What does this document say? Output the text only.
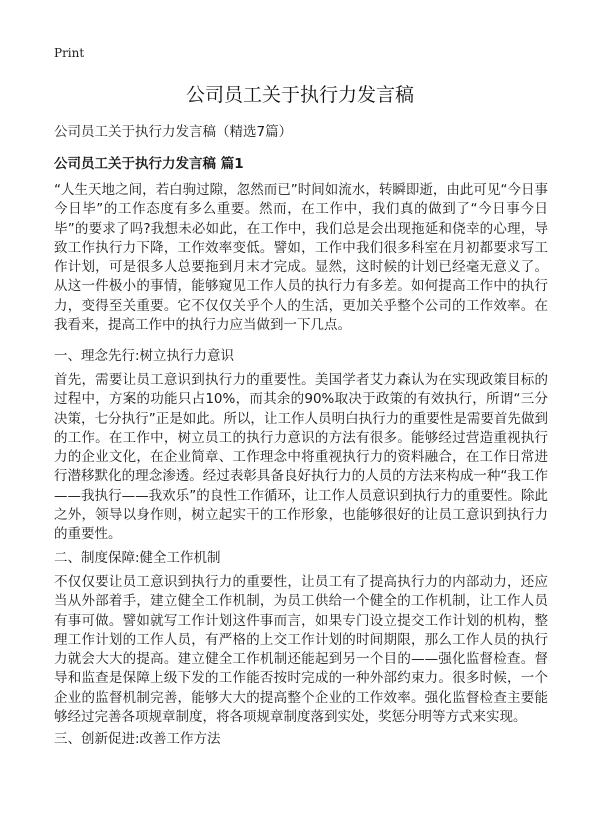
Print
公司员工关于执行力发言稿

公司员工关于执行力发言稿（精选7篇）

公司员工关于执行力发言稿 篇1

“人生天地之间，若白驹过隙，忽然而已”时间如流水，转瞬即逝，由此可见“今日事今日毕”的工作态度有多么重要。然而，在工作中，我们真的做到了“今日事今日毕”的要求了吗?我想未必如此，在工作中，我们总是会出现拖延和侥幸的心理，导致工作执行力下降，工作效率变低。譬如，工作中我们很多科室在月初都要求写工作计划，可是很多人总要拖到月末才完成。显然，这时候的计划已经毫无意义了。从这一件极小的事情，能够窥见工作人员的执行力有多差。如何提高工作中的执行力，变得至关重要。它不仅仅关乎个人的生活，更加关乎整个公司的工作效率。在我看来，提高工作中的执行力应当做到一下几点。

一、理念先行:树立执行力意识

首先，需要让员工意识到执行力的重要性。美国学者艾力森认为在实现政策目标的过程中，方案的功能只占10%，而其余的90%取决于政策的有效执行，所谓“三分决策，七分执行”正是如此。所以，让工作人员明白执行力的重要性是需要首先做到的工作。在工作中，树立员工的执行力意识的方法有很多。能够经过营造重视执行力的企业文化，在企业简章、工作理念中将重视执行力的资料融合，在工作日常进行潜移默化的理念渗透。经过表彰具备良好执行力的人员的方法来构成一种“我工作——我执行——我欢乐”的良性工作循环，让工作人员意识到执行力的重要性。除此之外，领导以身作则，树立起实干的工作形象，也能够很好的让员工意识到执行力的重要性。

二、制度保障:健全工作机制

不仅仅要让员工意识到执行力的重要性，让员工有了提高执行力的内部动力，还应当从外部着手，建立健全工作机制，为员工供给一个健全的工作机制，让工作人员有事可做。譬如就写工作计划这件事而言，如果专门设立提交工作计划的机构，整理工作计划的工作人员，有严格的上交工作计划的时间期限，那么工作人员的执行力就会大大的提高。建立健全工作机制还能起到另一个目的——强化监督检查。督导和监查是保障上级下发的工作能否按时完成的一种外部约束力。很多时候，一个企业的监督机制完善，能够大大的提高整个企业的工作效率。强化监督检查主要能够经过完善各项规章制度，将各项规章制度落到实处，奖惩分明等方式来实现。

三、创新促进:改善工作方法
